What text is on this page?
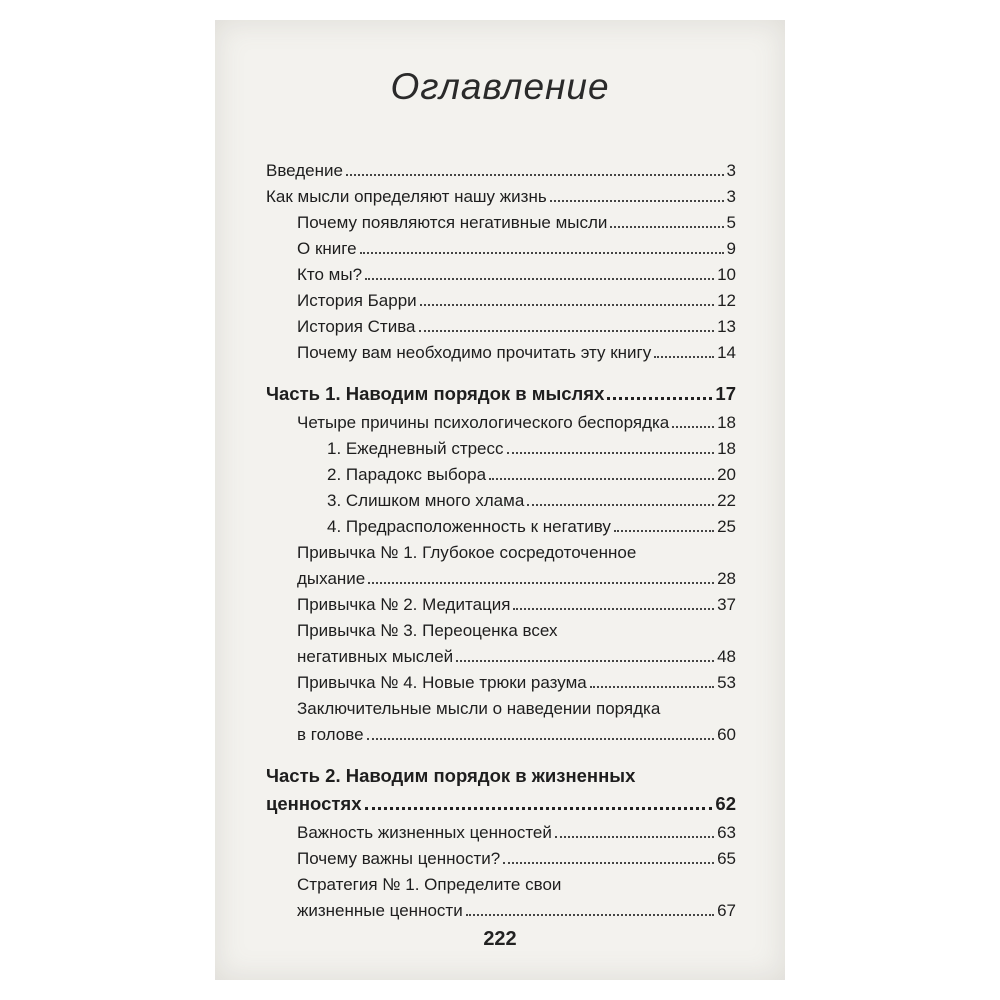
Оглавление
Введение	3
Как мысли определяют нашу жизнь	3
Почему появляются негативные мысли	5
О книге	9
Кто мы?	10
История Барри	12
История Стива	13
Почему вам необходимо прочитать эту книгу	14
Часть 1. Наводим порядок в мыслях	17
Четыре причины психологического беспорядка	18
1. Ежедневный стресс	18
2. Парадокс выбора	20
3. Слишком много хлама	22
4. Предрасположенность к негативу	25
Привычка № 1. Глубокое сосредоточенное
дыхание	28
Привычка № 2. Медитация	37
Привычка № 3. Переоценка всех
негативных мыслей	48
Привычка № 4. Новые трюки разума	53
Заключительные мысли о наведении порядка
в голове	60
Часть 2. Наводим порядок в жизненных
ценностях	62
Важность жизненных ценностей	63
Почему важны ценности?	65
Стратегия № 1. Определите свои
жизненные ценности	67
222
